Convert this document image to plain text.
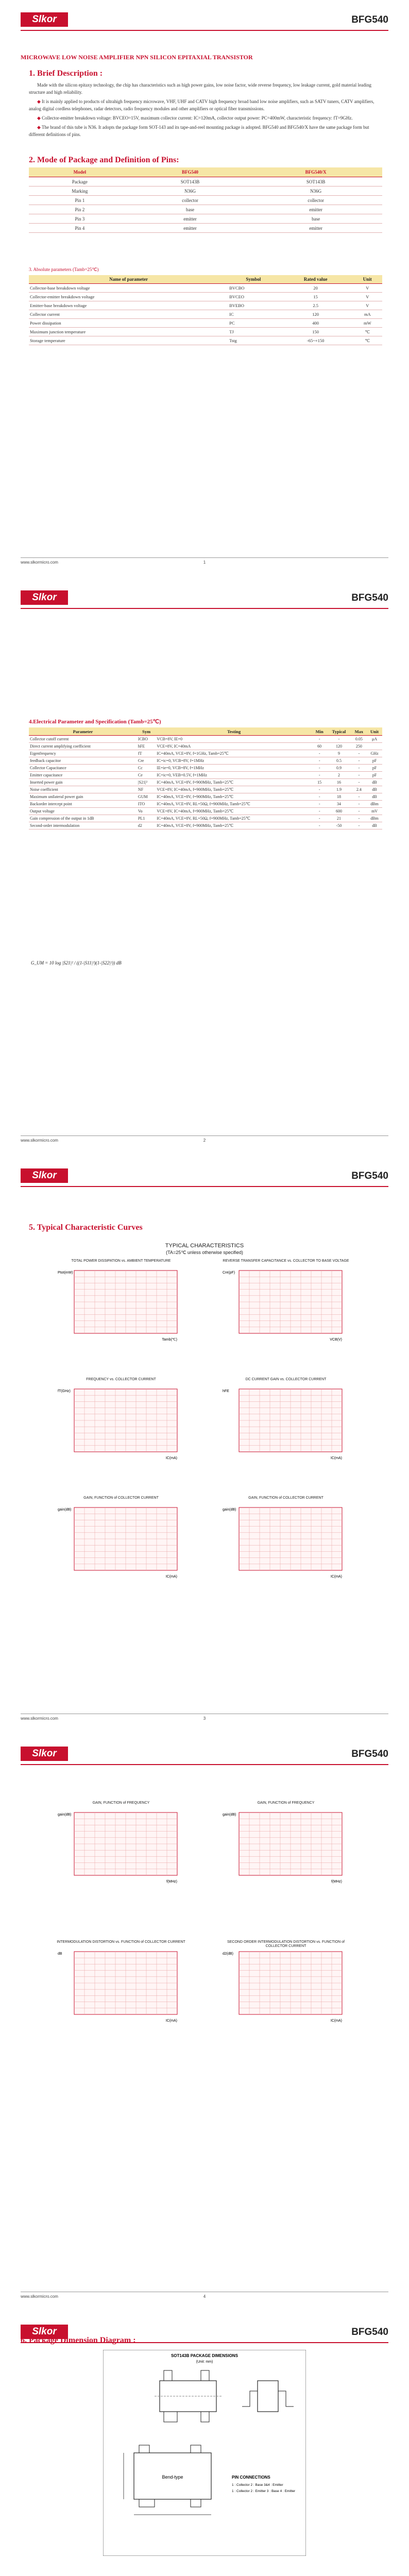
Slkor	BFG540
MICROWAVE LOW NOISE AMPLIFIER NPN SILICON EPITAXIAL TRANSISTOR
1. Brief Description :

Made with the silicon epitaxy technology, the chip has characteristics such as high power gains, low noise factor, wide reverse frequency, low leakage current, gold material leading structure and high reliability.

◆ It is mainly applied to products of ultrahigh frequency microwave, VHF, UHF and CATV high frequency broad band low noise amplifiers, such as SATV tuners, CATV amplifiers, analog digital cordless telephones, radar detectors, radio frequency modules and other amplifiers or optical fiber transmissions.

◆ Collector-emitter breakdown voltage: BVCEO=15V, maximum collector current: IC=120mA, collector output power: PC=400mW, characteristic frequency: fT=9GHz.

◆ The brand of this tube is N36. It adopts the package form SOT-143 and its tape-and-reel mounting package is adopted. BFG540 and BFG540/X have the same package form but different definitions of pins.

2. Mode of Package and Definition of Pins:
Model	BFG540	BFG540/X
Package	SOT143B	SOT143B
Marking	N36G	N36G
Pin 1	collector	collector
Pin 2	base	emitter
Pin 3	emitter	base
Pin 4	emitter	emitter
3. Absolute parameters (Tamb=25℃)
Name of parameter	Symbol	Rated value	Unit
Collector-base breakdown voltage	BVCBO	20	V
Collector-emitter breakdown voltage	BVCEO	15	V
Emitter-base breakdown voltage	BVEBO	2.5	V
Collector current	IC	120	mA
Power dissipation	PC	400	mW
Maximum junction temperature	TJ	150	℃
Storage temperature	Tstg	-65~+150	℃
www.slkormicro.com	1
Slkor	BFG540
4.Electrical Parameter and Specification (Tamb=25℃)
www.slkormicro.com	2
Parameter	Sym	Testing	Min	Typical	Max	Unit
Collector cutoff current	ICBO	VCB=8V, IE=0	-	-	0.05	μA
Direct current amplifying coefficient	hFE	VCE=8V, IC=40mA	60	120	250	
Eigenfrequency	fT	IC=40mA, VCE=8V, f=1GHz, Tamb=25℃	-	9	-	GHz
feedback capacitor	Cre	IC=ic=0, VCB=8V, f=1MHz	-	0.5	-	pF
Collector Capacitance	Cc	IE=ie=0, VCB=8V, f=1MHz	-	0.9	-	pF
Emitter capacitance	Ce	IC=ic=0, VEB=0.5V, f=1MHz	-	2	-	pF
Inserted power gain	|S21|²	IC=40mA, VCE=8V, f=900MHz, Tamb=25℃	15	16	-	dB
Noise coefficient	NF	VCE=8V, IC=40mA, f=900MHz, Tamb=25℃	-	1.9	2.4	dB
Maximum unilateral power gain	GUM	IC=40mA, VCE=8V, f=900MHz, Tamb=25℃	-	18	-	dB
Backorder intercept point	ITO	IC=40mA, VCE=8V, RL=50Ω, f=900MHz, Tamb=25℃	-	34	-	dBm
Output voltage	Vo	VCE=8V, IC=40mA, f=900MHz, Tamb=25℃	-	600	-	mV
Gain compression of the output in 1dB	PL1	IC=40mA, VCE=8V, RL=50Ω, f=900MHz, Tamb=25℃	-	21	-	dBm
Second-order intermodulation	d2	IC=40mA, VCE=8V, f=900MHz, Tamb=25℃	-	-50	-	dB
G_UM = 10 log |S21|² / ((1-|S11|²)(1-|S22|²)) dB
Slkor	BFG540
5. Typical Characteristic Curves
TYPICAL CHARACTERISTICS
(TA=25℃ unless otherwise specified)
www.slkormicro.com	3
Slkor	BFG540
www.slkormicro.com	4
TOTAL POWER DISSIPATION vs. AMBIENT TEMPERATURE
Tamb(℃)
Ptot(mW)
REVERSE TRANSFER CAPACITANCE vs. COLLECTOR TO BASE VOLTAGE
VCB(V)
Cre(pF)
FREQUENCY vs. COLLECTOR CURRENT
IC(mA)
fT(GHz)
DC CURRENT GAIN vs. COLLECTOR CURRENT
IC(mA)
hFE
GAIN, FUNCTION of COLLECTOR CURRENT
IC(mA)
gain(dB)
GAIN, FUNCTION of COLLECTOR CURRENT
IC(mA)
gain(dB)
GAIN, FUNCTION of FREQUENCY
f(MHz)
gain(dB)
GAIN, FUNCTION of FREQUENCY
f(MHz)
gain(dB)
INTERMODULATION DISTORTION vs. FUNCTION of COLLECTOR CURRENT
IC(mA)
dB
SECOND ORDER INTERMODULATION DISTORTION vs. FUNCTION of COLLECTOR CURRENT
IC(mA)
d2(dB)
Slkor	BFG540
6. Package Dimension Diagram :
SOT143B PACKAGE DIMENSIONS
(Unit: mm)
Bend-type	PIN CONNECTIONS
1 : Collector 2 : Base 3&4 : Emitter
1 : Collector 2 : Emitter 3 : Base 4 : Emitter
